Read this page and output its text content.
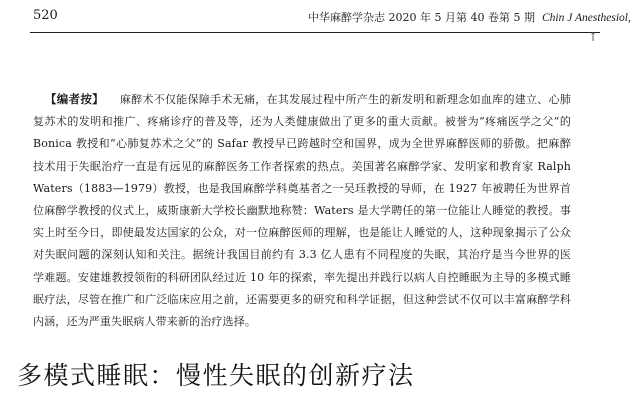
520	中华麻醉学杂志 2020 年 5 月第 40 卷第 5 期 Chin J Anesthesiol,
↑
【编者按】 麻醉术不仅能保障手术无痛，在其发展过程中所产生的新发明和新理念如血库的建立、心肺复苏术的发明和推广、疼痛诊疗的普及等，还为人类健康做出了更多的重大贡献。被誉为“疼痛医学之父”的 Bonica 教授和“心肺复苏术之父”的 Safar 教授早已跨越时空和国界，成为全世界麻醉医师的骄傲。把麻醉技术用于失眠治疗一直是有远见的麻醉医务工作者探索的热点。美国著名麻醉学家、发明家和教育家 Ralph Waters（1883—1979）教授，也是我国麻醉学科奠基者之一吴珏教授的导师，在 1927 年被聘任为世界首位麻醉学教授的仪式上，威斯康新大学校长幽默地称赞：Waters 是大学聘任的第一位能让人睡觉的教授。事实上时至今日，即使最发达国家的公众，对一位麻醉医师的理解，也是能让人睡觉的人，这种现象揭示了公众对失眠问题的深刻认知和关注。据统计我国目前约有 3.3 亿人患有不同程度的失眠，其治疗是当今世界的医学难题。安建雄教授领衔的科研团队经过近 10 年的探索，率先提出并践行以病人自控睡眠为主导的多模式睡眠疗法，尽管在推广和广泛临床应用之前，还需要更多的研究和科学证据，但这种尝试不仅可以丰富麻醉学科内涵，还为严重失眠病人带来新的治疗选择。
多模式睡眠：慢性失眠的创新疗法
